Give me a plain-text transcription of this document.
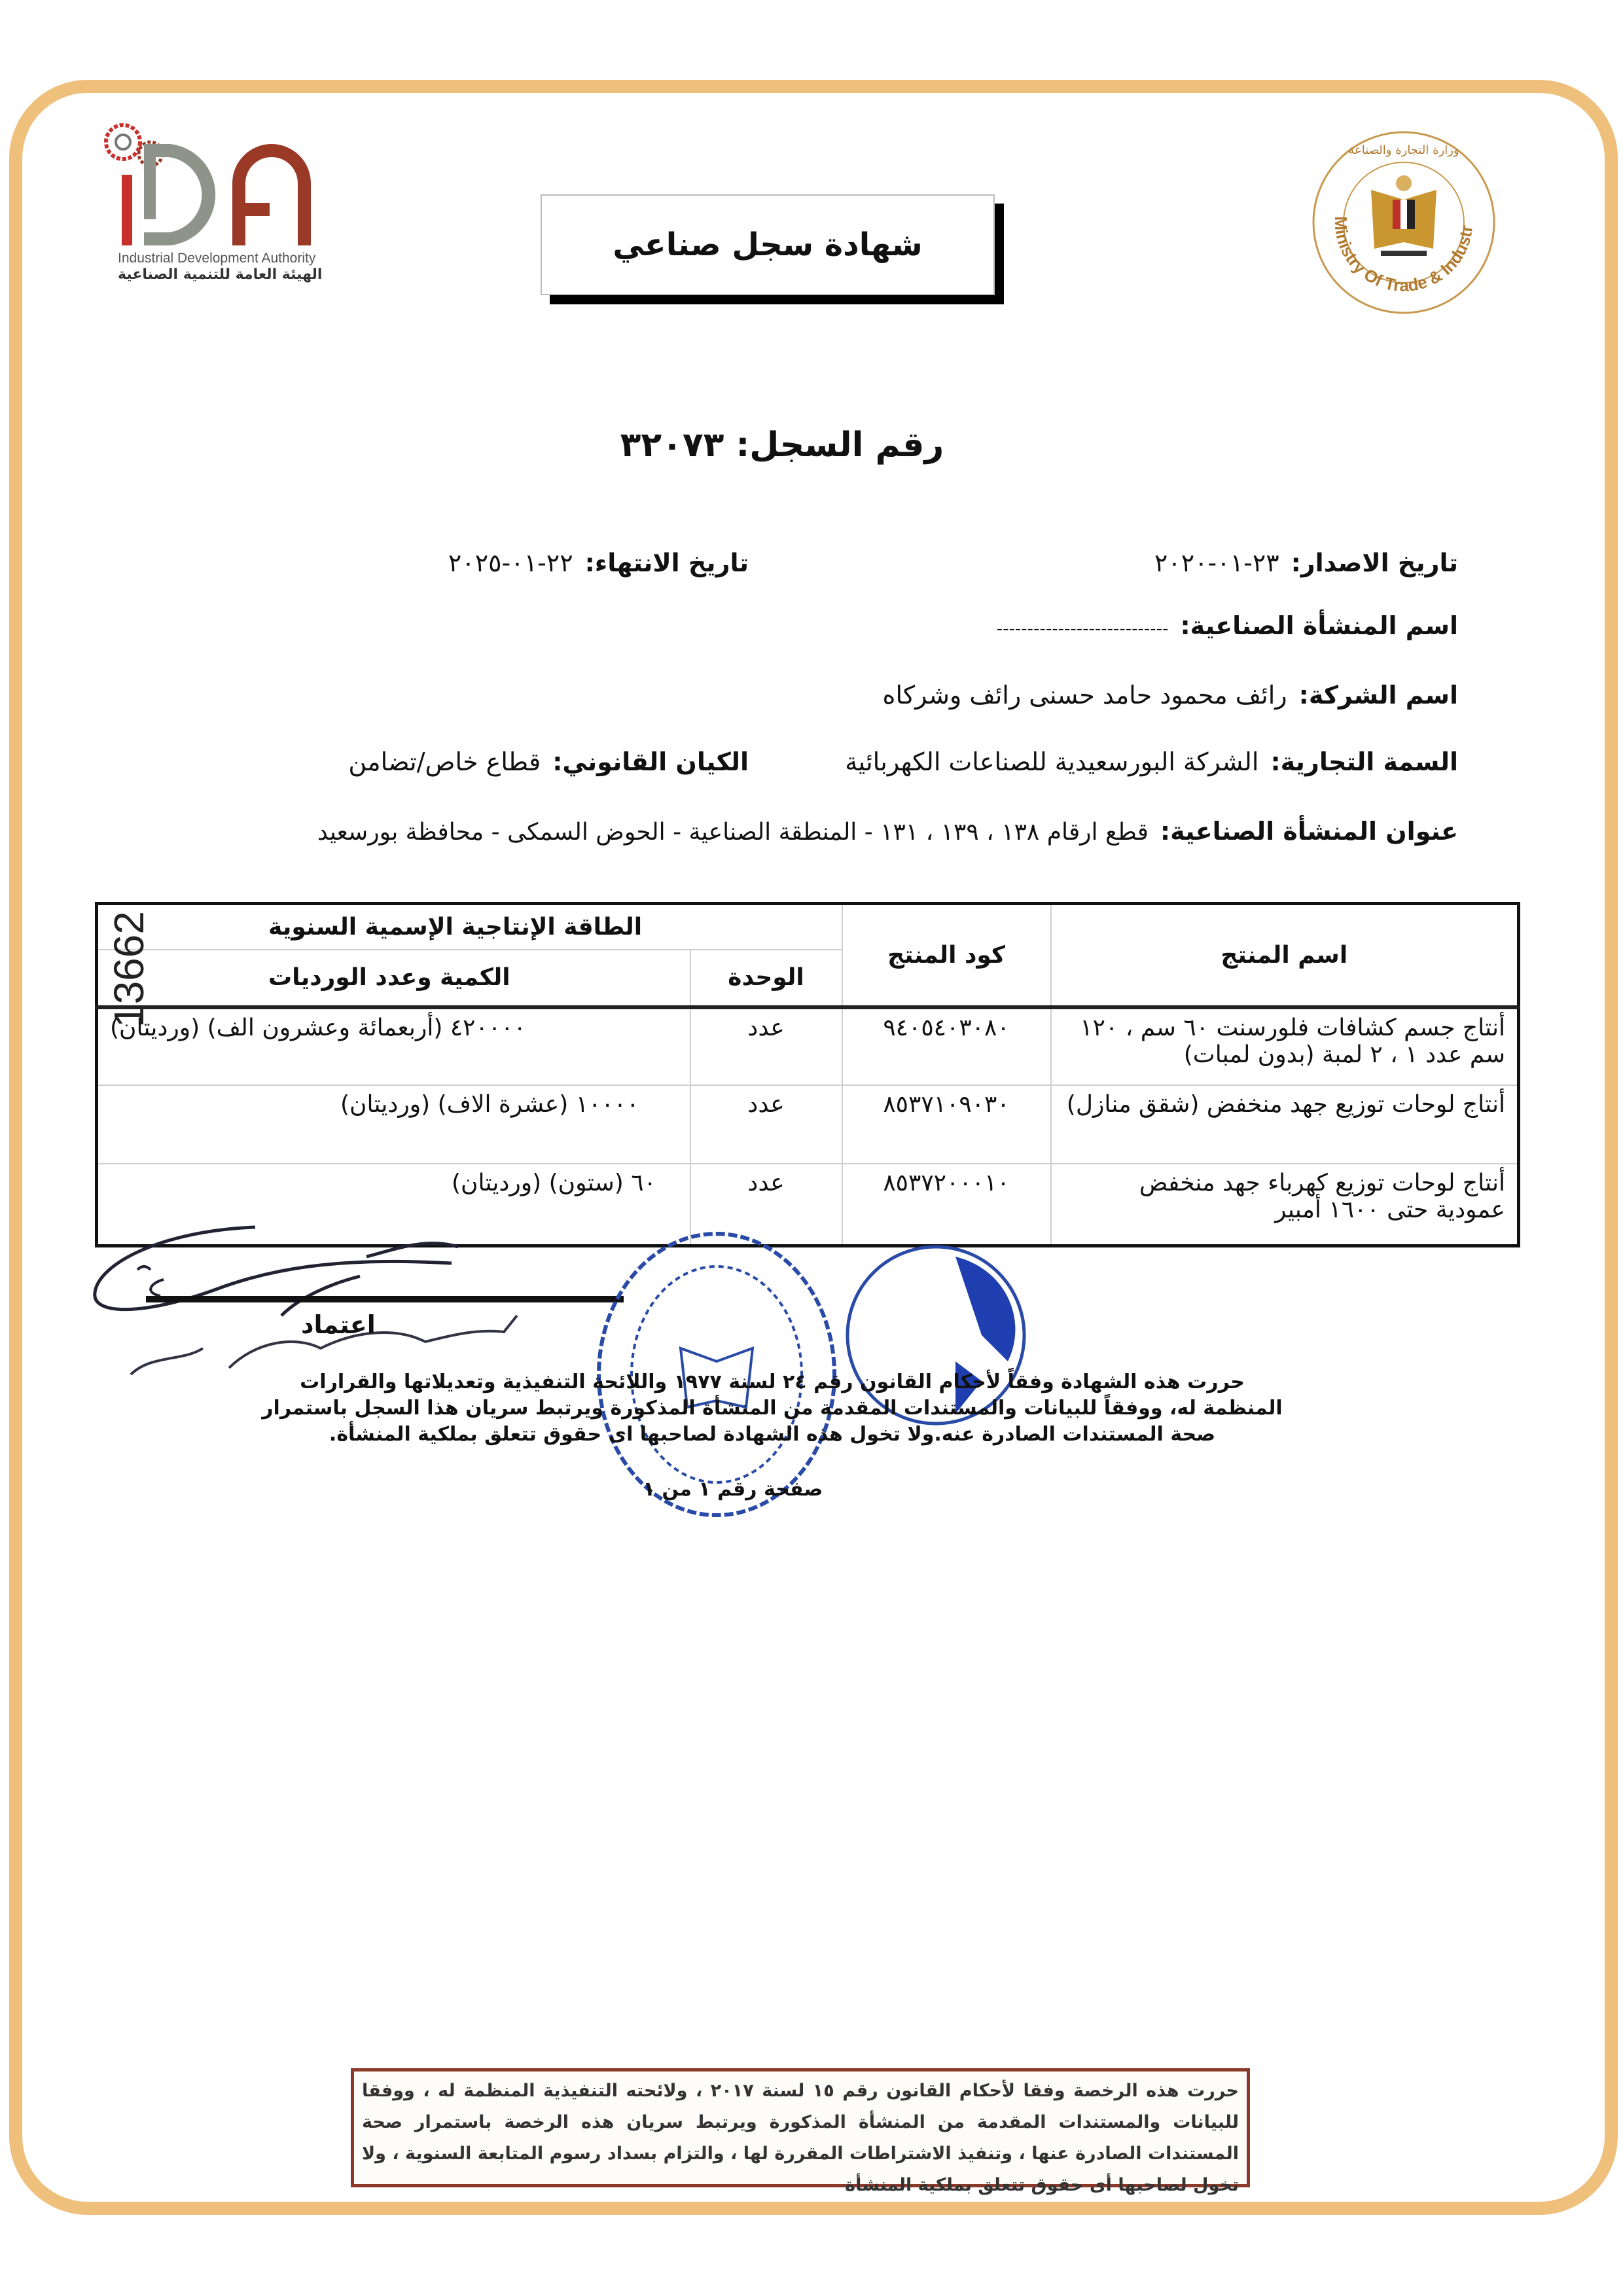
Industrial Development Authority
الهيئة العامة للتنمية الصناعية
شهادة سجل صناعي
Ministry Of Trade & Industr
وزارة التجارة والصناعة
رقم السجل: ٣٢٠٧٣
تاريخ الاصدار:٢٣-٠١-٢٠٢٠
تاريخ الانتهاء:٢٢-٠١-٢٠٢٥
اسم المنشأة الصناعية:----------------------------
اسم الشركة:رائف محمود حامد حسنى رائف وشركاه
السمة التجارية:الشركة البورسعيدية للصناعات الكهربائية
الكيان القانوني:قطاع خاص/تضامن
عنوان المنشأة الصناعية:قطع ارقام ١٣٨ ، ١٣٩ ، ١٣١ - المنطقة الصناعية - الحوض السمكى - محافظة بورسعيد
اسم المنتج	كود المنتج	الطاقة الإنتاجية الإسمية السنوية	
		الوحدة	الكمية وعدد الورديات
أنتاج جسم كشافات فلورسنت ٦٠ سم ، ١٢٠ سم عدد ١ ، ٢ لمبة (بدون لمبات)	٩٤٠٥٤٠٣٠٨٠	عدد	٤٢٠٠٠٠ (أربعمائة وعشرون الف) (ورديتان)
أنتاج لوحات توزيع جهد منخفض (شقق منازل)	٨٥٣٧١٠٩٠٣٠	عدد	١٠٠٠٠ (عشرة الاف) (ورديتان)
أنتاج لوحات توزيع كهرباء جهد منخفض عمودية حتى ١٦٠٠ أمبير	٨٥٣٧٢٠٠٠١٠	عدد	٦٠ (ستون) (ورديتان)
13662
اعتماد
حررت هذه الشهادة وفقاً لأحكام القانون رقم ٢٤ لسنة ١٩٧٧ واللائحة التنفيذية وتعديلاتها والقرارات المنظمة له، ووفقاً للبيانات والمستندات المقدمة من المنشأة المذكورة ويرتبط سريان هذا السجل باستمرار صحة المستندات الصادرة عنه.ولا تخول هذه الشهادة لصاحبها اى حقوق تتعلق بملكية المنشأة.
صفحة رقم ١ من ١
حررت هذه الرخصة وفقا لأحكام القانون رقم ١٥ لسنة ٢٠١٧ ، ولائحته التنفيذية المنظمة له ، ووفقا للبيانات والمستندات المقدمة من المنشأة المذكورة ويرتبط سريان هذه الرخصة باستمرار صحة المستندات الصادرة عنها ، وتنفيذ الاشتراطات المقررة لها ، والتزام بسداد رسوم المتابعة السنوية ، ولا تخول لصاحبها أى حقوق تتعلق بملكية المنشأة
